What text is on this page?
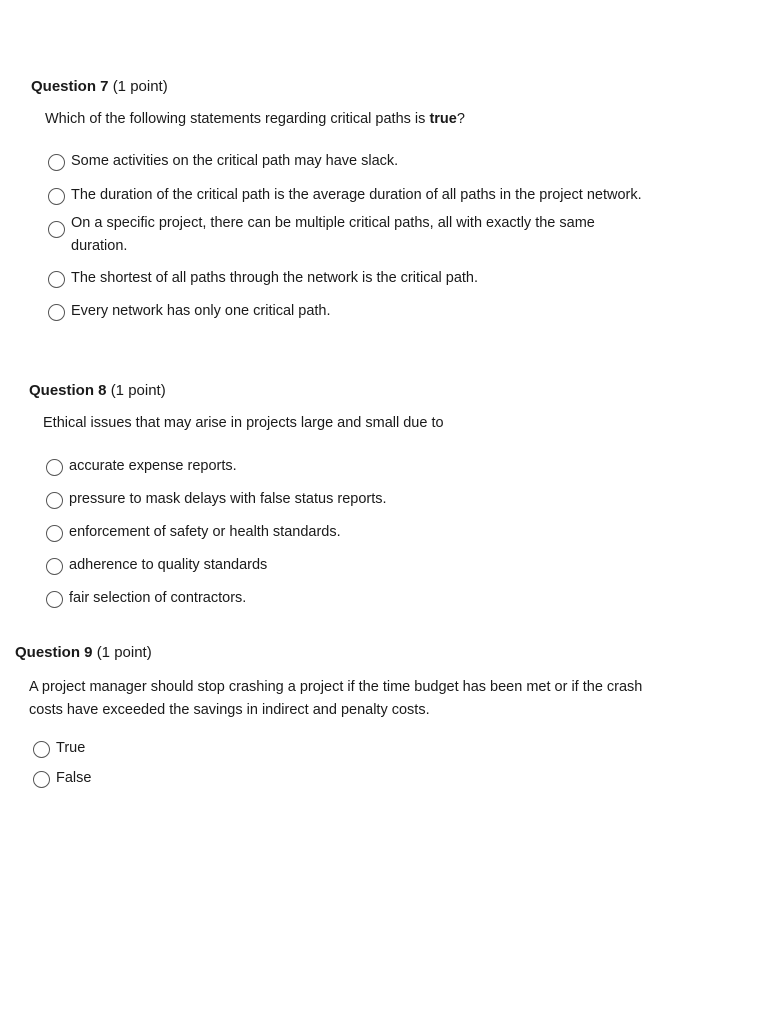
Question 7 (1 point)

Which of the following statements regarding critical paths is true?

Some activities on the critical path may have slack.
The duration of the critical path is the average duration of all paths in the project network.
On a specific project, there can be multiple critical paths, all with exactly the same duration.
The shortest of all paths through the network is the critical path.
Every network has only one critical path.

Question 8 (1 point)

Ethical issues that may arise in projects large and small due to

accurate expense reports.
pressure to mask delays with false status reports.
enforcement of safety or health standards.
adherence to quality standards
fair selection of contractors.

Question 9 (1 point)

A project manager should stop crashing a project if the time budget has been met or if the crash costs have exceeded the savings in indirect and penalty costs.

True
False
